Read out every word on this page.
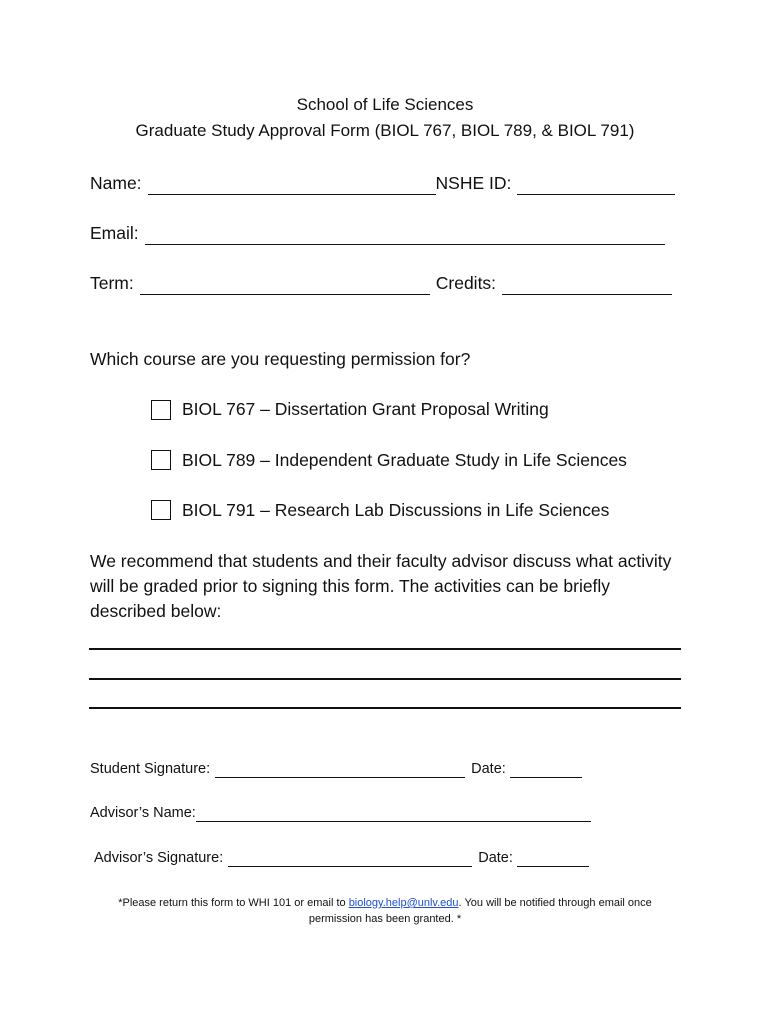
School of Life Sciences
Graduate Study Approval Form (BIOL 767, BIOL 789, & BIOL 791)
Name:	NSHE ID:
Email:
Term:	Credits:
Which course are you requesting permission for?
BIOL 767 – Dissertation Grant Proposal Writing
BIOL 789 – Independent Graduate Study in Life Sciences
BIOL 791 – Research Lab Discussions in Life Sciences
We recommend that students and their faculty advisor discuss what activity will be graded prior to signing this form. The activities can be briefly described below:
Student Signature:	Date:
Advisor’s Name:
Advisor’s Signature:	Date:
*Please return this form to WHI 101 or email to biology.help@unlv.edu. You will be notified through email once
permission has been granted. *
